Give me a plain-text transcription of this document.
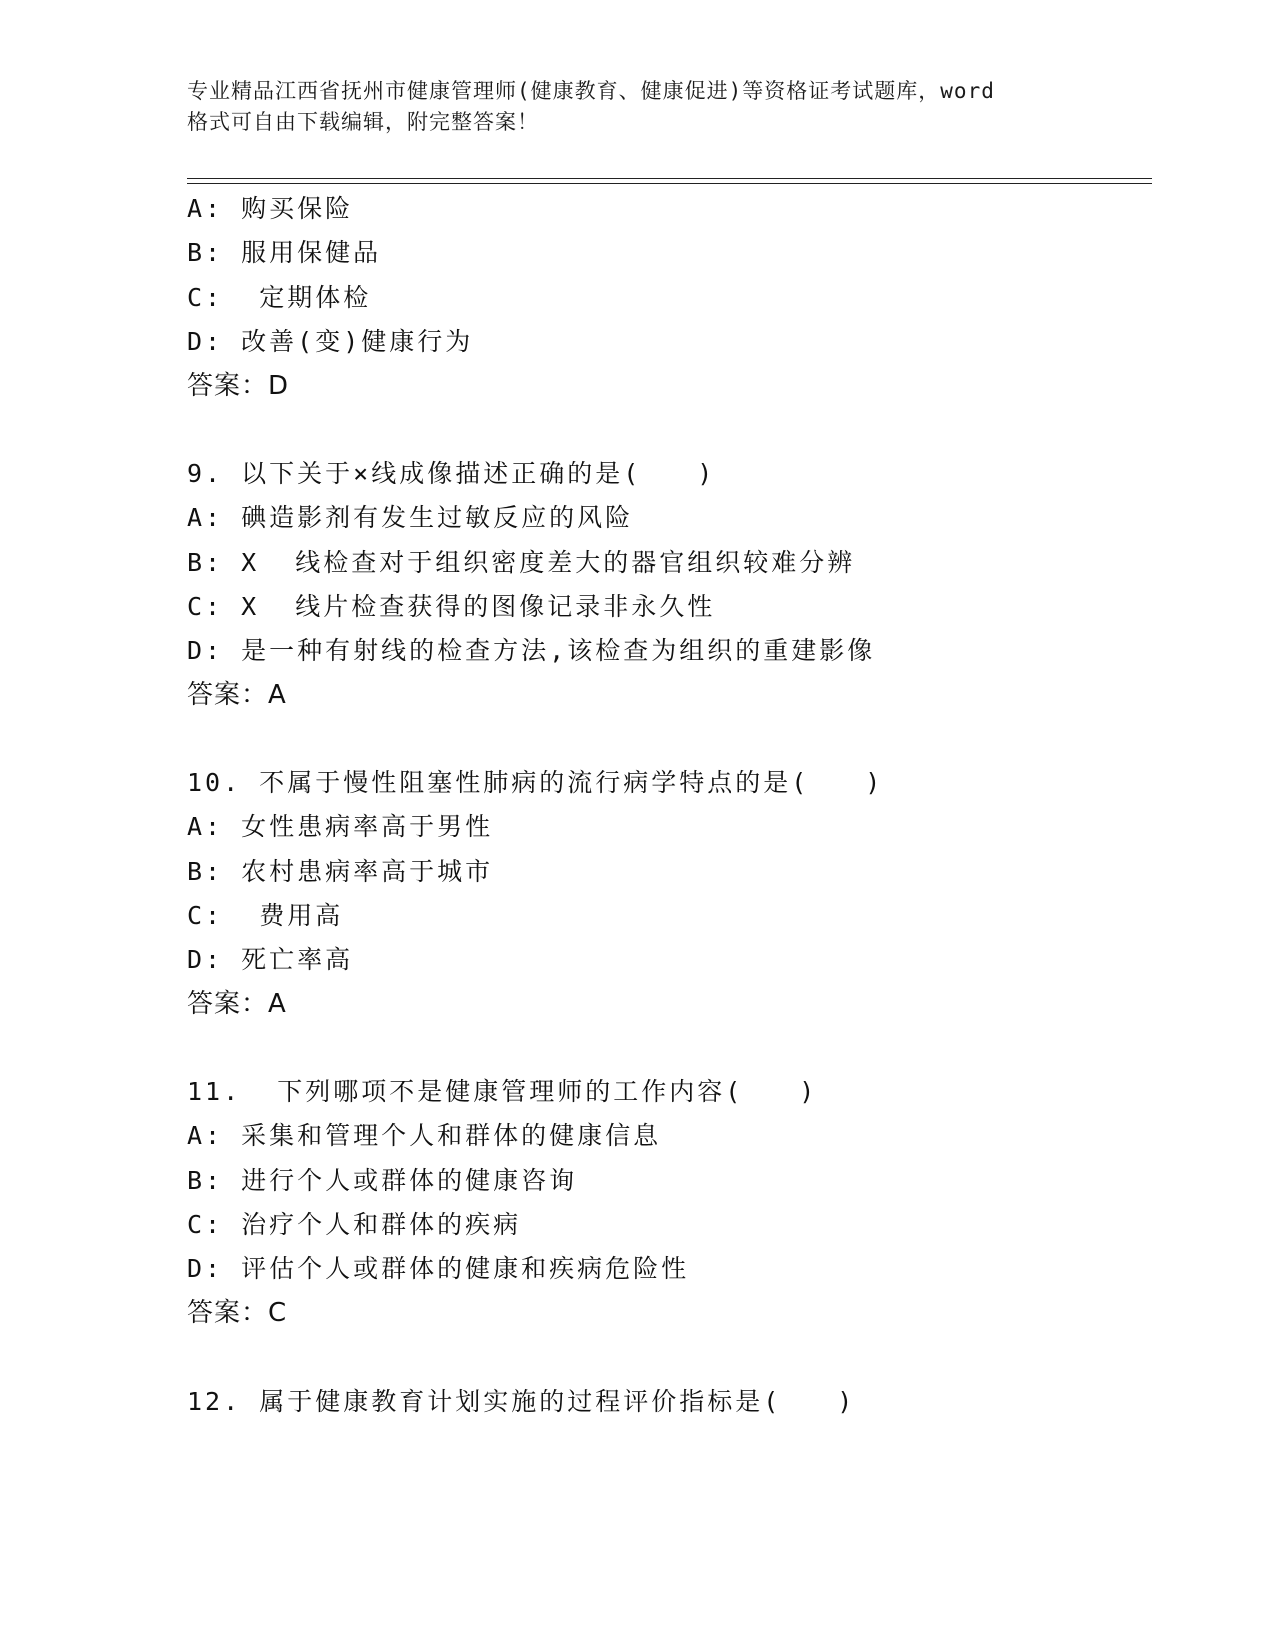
专业精品江西省抚州市健康管理师(健康教育、健康促进)等资格证考试题库，word
格式可自由下载编辑，附完整答案！
A: 购买保险
B: 服用保健品
C:  定期体检
D: 改善(变)健康行为
答案：D
9. 以下关于×线成像描述正确的是(　　)
A: 碘造影剂有发生过敏反应的风险
B: X  线检查对于组织密度差大的器官组织较难分辨
C: X  线片检查获得的图像记录非永久性
D: 是一种有射线的检查方法,该检查为组织的重建影像
答案：A
10. 不属于慢性阻塞性肺病的流行病学特点的是(　　)
A: 女性患病率高于男性
B: 农村患病率高于城市
C:  费用高
D: 死亡率高
答案：A
11.  下列哪项不是健康管理师的工作内容(　　)
A: 采集和管理个人和群体的健康信息
B: 进行个人或群体的健康咨询
C: 治疗个人和群体的疾病
D: 评估个人或群体的健康和疾病危险性
答案：C
12. 属于健康教育计划实施的过程评价指标是(　　)
